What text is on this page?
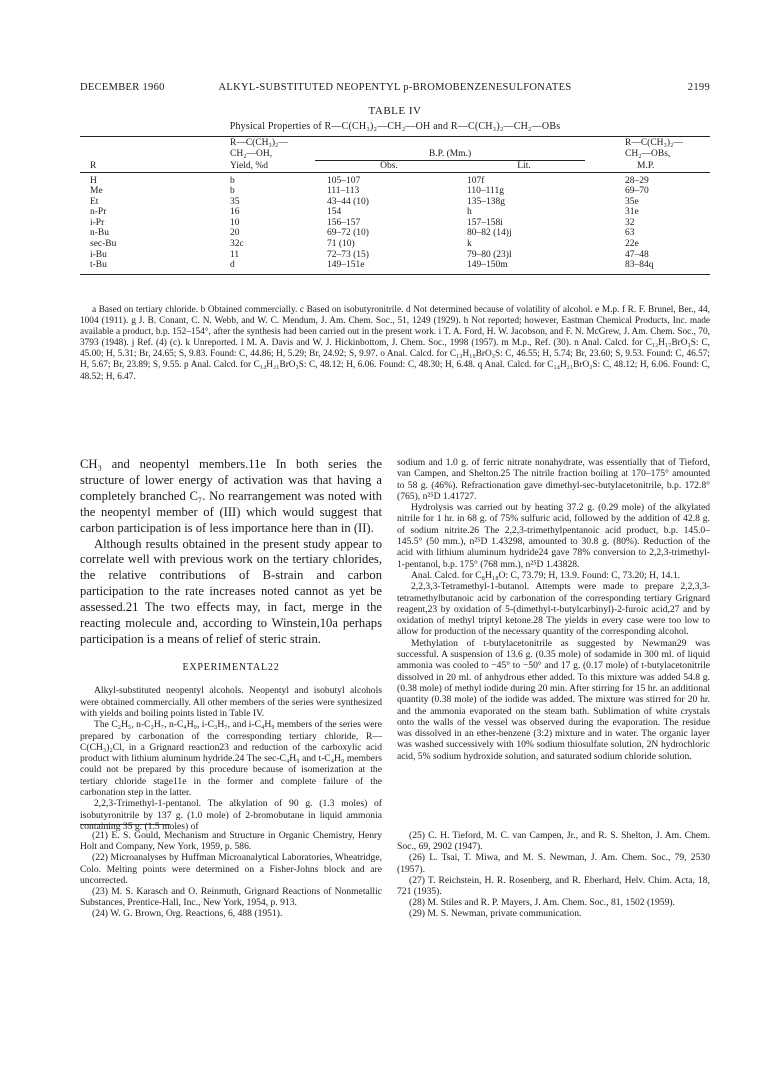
DECEMBER 1960	ALKYL-SUBSTITUTED NEOPENTYL p-BROMOBENZENESULFONATES	2199
TABLE IV
Physical Properties of R—C(CH₃)₂—CH₂—OH and R—C(CH₃)₂—CH₂—OBs
R	R—C(CH₃)₂—			R—C(CH₃)₂—
	CH₂—OH,	B.P. (Mm.)		CH₂—OBs,
	Yield, %d	Obs.	Lit.	M.P.

H	b	105–107	107f	28–29
Me	b	111–113	110–111g	69–70
Et	35	43–44 (10)	135–138g	35e
n-Pr	16	154	h	31e
i-Pr	10	156–157	157–158i	32
n-Bu	20	69–72 (10)	80–82 (14)j	63
sec-Bu	32c	71 (10)	k	22e
i-Bu	11	72–73 (15)	79–80 (23)l	47–48
t-Bu	d	149–151e	149–150m	83–84q

a Based on tertiary chloride. b Obtained commercially. c Based on isobutyronitrile. d Not determined because of volatility of alcohol. e M.p. f R. F. Brunel, Ber., 44, 1004 (1911). g J. B. Conant, C. N. Webb, and W. C. Mendum, J. Am. Chem. Soc., 51, 1249 (1929). h Not reported; however, Eastman Chemical Products, Inc. made available a product, b.p. 152–154°, after the synthesis had been carried out in the present work. i T. A. Ford, H. W. Jacobson, and F. N. McGrew, J. Am. Chem. Soc., 70, 3793 (1948). j Ref. (4) (c). k Unreported. l M. A. Davis and W. J. Hickinbottom, J. Chem. Soc., 1998 (1957). m M.p., Ref. (30). n Anal. Calcd. for C₁₂H₁₇BrO₃S: C, 45.00; H, 5.31; Br, 24.65; S, 9.83. Found: C, 44.86; H, 5.29; Br, 24.92; S, 9.97. o Anal. Calcd. for C₁₃H₁₉BrO₃S: C, 46.55; H, 5.74; Br, 23.60; S, 9.53. Found: C, 46.57; H, 5.67; Br, 23.89; S, 9.55. p Anal. Calcd. for C₁₄H₂₁BrO₃S: C, 48.12; H, 6.06. Found: C, 48.30; H, 6.48. q Anal. Calcd. for C₁₄H₂₁BrO₃S: C, 48.12; H, 6.06. Found: C, 48.52; H, 6.47.

CH₃ and neopentyl members.11e In both series the structure of lower energy of activation was that having a completely branched C₇. No rearrangement was noted with the neopentyl member of (III) which would suggest that carbon participation is of less importance here than in (II).

Although results obtained in the present study appear to correlate well with previous work on the tertiary chlorides, the relative contributions of B-strain and carbon participation to the rate increases noted cannot as yet be assessed.21 The two effects may, in fact, merge in the reacting molecule and, according to Winstein,10a perhaps participation is a means of relief of steric strain.

EXPERIMENTAL22

Alkyl-substituted neopentyl alcohols. Neopentyl and isobutyl alcohols were obtained commercially. All other members of the series were synthesized with yields and boiling points listed in Table IV.

The C₂H₅, n-C₃H₇, n-C₄H₉, i-C₃H₇, and i-C₄H₉ members of the series were prepared by carbonation of the corresponding tertiary chloride, R—C(CH₃)₂Cl, in a Grignard reaction23 and reduction of the carboxylic acid product with lithium aluminum hydride.24 The sec-C₄H₉ and t-C₄H₉ members could not be prepared by this procedure because of isomerization at the tertiary chloride stage11e in the former and complete failure of the carbonation step in the latter.

2,2,3-Trimethyl-1-pentanol. The alkylation of 90 g. (1.3 moles) of isobutyronitrile by 137 g. (1.0 mole) of 2-bromobutane in liquid ammonia containing 35 g. (1.5 moles) of

sodium and 1.0 g. of ferric nitrate nonahydrate, was essentially that of Tieford, van Campen, and Shelton.25 The nitrile fraction boiling at 170–175° amounted to 58 g. (46%). Refractionation gave dimethyl-sec-butylacetonitrile, b.p. 172.8° (765), n²⁵D 1.41727.

Hydrolysis was carried out by heating 37.2 g. (0.29 mole) of the alkylated nitrile for 1 hr. in 68 g. of 75% sulfuric acid, followed by the addition of 42.8 g. of sodium nitrite.26 The 2,2,3-trimethylpentanoic acid product, b.p. 145.0–145.5° (50 mm.), n²⁵D 1.43298, amounted to 30.8 g. (80%). Reduction of the acid with lithium aluminum hydride24 gave 78% conversion to 2,2,3-trimethyl-1-pentanol, b.p. 175° (768 mm.), n²⁵D 1.43828.

Anal. Calcd. for C₈H₁₈O: C, 73.79; H, 13.9. Found: C, 73.20; H, 14.1.

2,2,3,3-Tetramethyl-1-butanol. Attempts were made to prepare 2,2,3,3-tetramethylbutanoic acid by carbonation of the corresponding tertiary Grignard reagent,23 by oxidation of 5-(dimethyl-t-butylcarbinyl)-2-furoic acid,27 and by oxidation of methyl triptyl ketone.28 The yields in every case were too low to allow for production of the necessary quantity of the corresponding alcohol.

Methylation of t-butylacetonitrile as suggested by Newman29 was successful. A suspension of 13.6 g. (0.35 mole) of sodamide in 300 ml. of liquid ammonia was cooled to −45° to −50° and 17 g. (0.17 mole) of t-butylacetonitrile dissolved in 20 ml. of anhydrous ether added. To this mixture was added 54.8 g. (0.38 mole) of methyl iodide during 20 min. After stirring for 15 hr. an additional quantity (0.38 mole) of the iodide was added. The mixture was stirred for 20 hr. and the ammonia evaporated on the steam bath. Sublimation of white crystals onto the walls of the vessel was observed during the evaporation. The residue was dissolved in an ether-benzene (3:2) mixture and in water. The organic layer was washed successively with 10% sodium thiosulfate solution, 2N hydrochloric acid, 5% sodium hydroxide solution, and saturated sodium chloride solution.

(21) E. S. Gould, Mechanism and Structure in Organic Chemistry, Henry Holt and Company, New York, 1959, p. 586.

(22) Microanalyses by Huffman Microanalytical Laboratories, Wheatridge, Colo. Melting points were determined on a Fisher-Johns block and are uncorrected.

(23) M. S. Karasch and O. Reinmuth, Grignard Reactions of Nonmetallic Substances, Prentice-Hall, Inc., New York, 1954, p. 913.

(24) W. G. Brown, Org. Reactions, 6, 488 (1951).

(25) C. H. Tieford, M. C. van Campen, Jr., and R. S. Shelton, J. Am. Chem. Soc., 69, 2902 (1947).

(26) L. Tsai, T. Miwa, and M. S. Newman, J. Am. Chem. Soc., 79, 2530 (1957).

(27) T. Reichstein, H. R. Rosenberg, and R. Eberhard, Helv. Chim. Acta, 18, 721 (1935).

(28) M. Stiles and R. P. Mayers, J. Am. Chem. Soc., 81, 1502 (1959).

(29) M. S. Newman, private communication.
